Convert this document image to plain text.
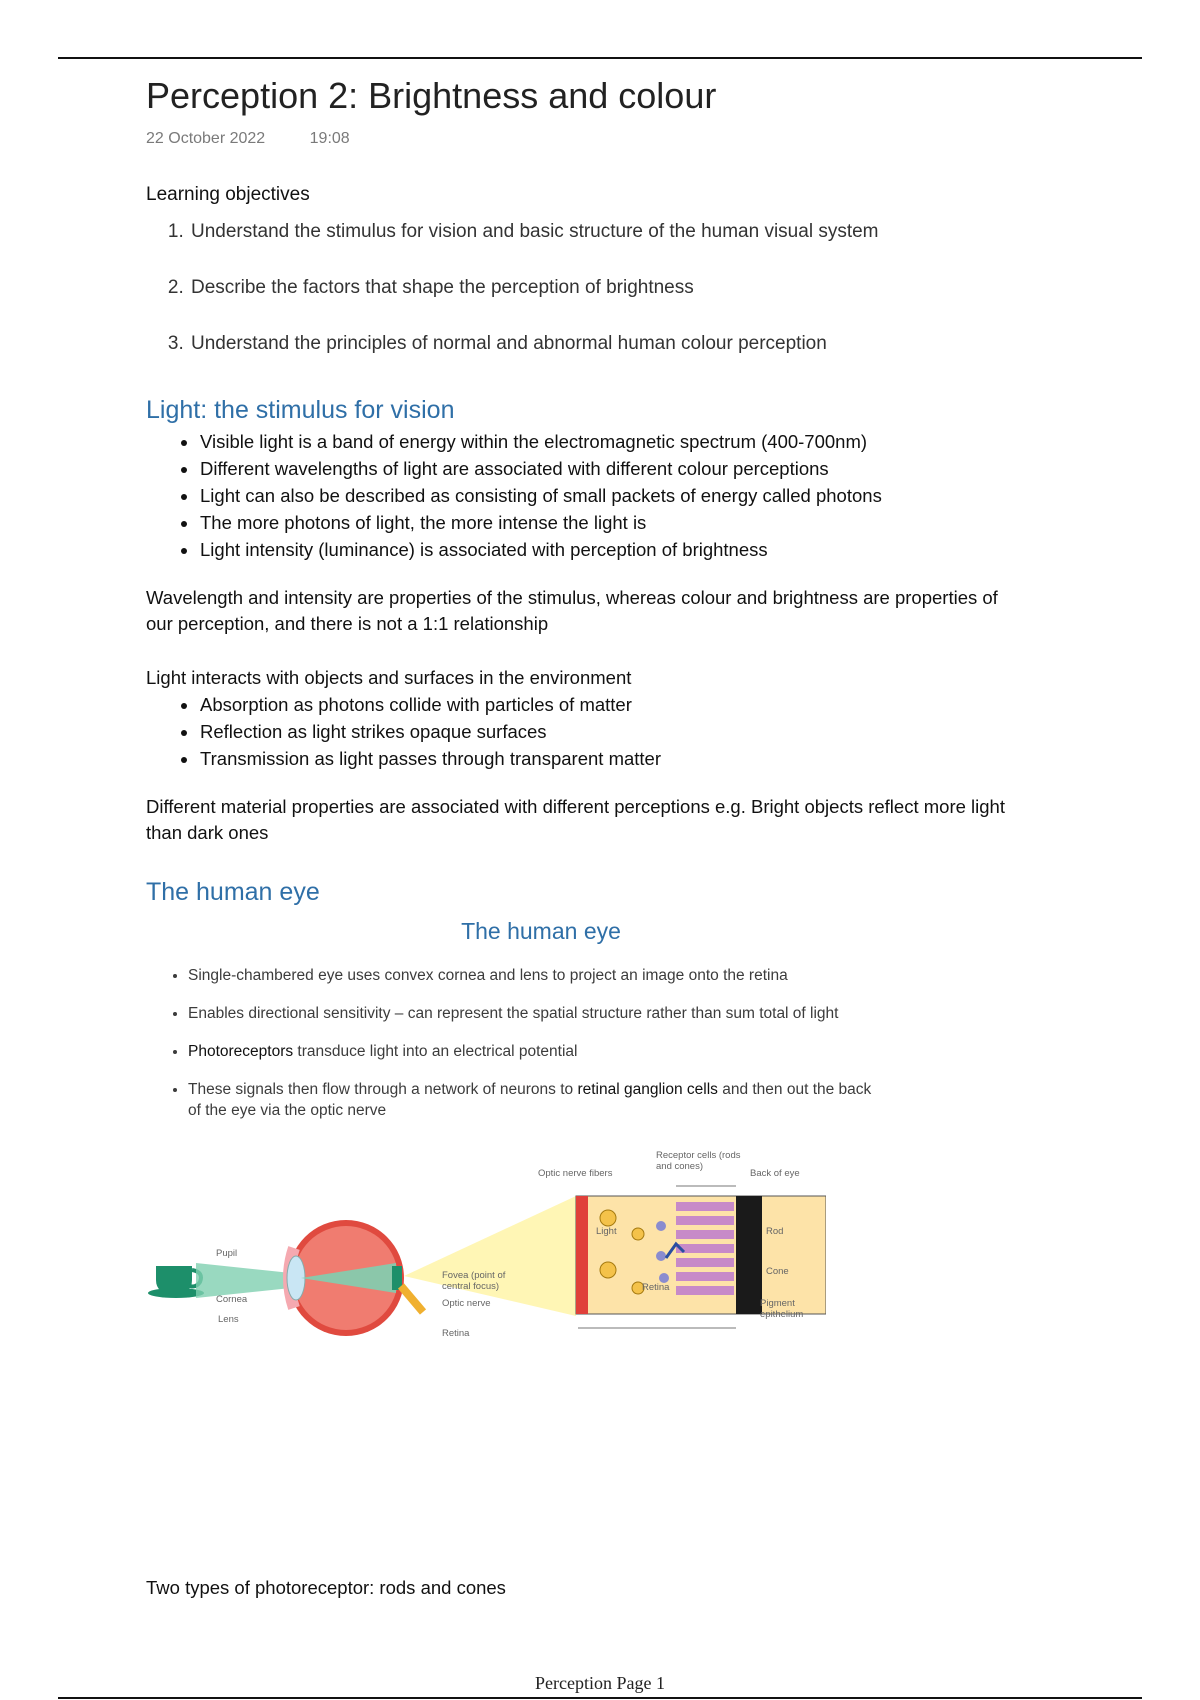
Perception 2: Brightness and colour
22 October 2022	19:08
Learning objectives
1. Understand the stimulus for vision and basic structure of the human visual system
2. Describe the factors that shape the perception of brightness
3. Understand the principles of normal and abnormal human colour perception
Light: the stimulus for vision
• Visible light is a band of energy within the electromagnetic spectrum (400-700nm)
• Different wavelengths of light are associated with different colour perceptions
• Light can also be described as consisting of small packets of energy called photons
• The more photons of light, the more intense the light is
• Light intensity (luminance) is associated with perception of brightness

Wavelength and intensity are properties of the stimulus, whereas colour and brightness are properties of our perception, and there is not a 1:1 relationship

Light interacts with objects and surfaces in the environment

• Absorption as photons collide with particles of matter
• Reflection as light strikes opaque surfaces
• Transmission as light passes through transparent matter

Different material properties are associated with different perceptions e.g. Bright objects reflect more light than dark ones

The human eye
The human eye
• Single-chambered eye uses convex cornea and lens to project an image onto the retina
• Enables directional sensitivity – can represent the spatial structure rather than sum total of light
• Photoreceptors transduce light into an electrical potential
• These signals then flow through a network of neurons to retinal ganglion cells and then out the back of the eye via the optic nerve
Pupil
Cornea
Lens
Fovea (point of central focus)
Optic nerve
Retina
Optic nerve fibers
Receptor cells (rods and cones)
Back of eye
Light	Rod
Cone
Retina
Pigment epithelium
Two types of photoreceptor: rods and cones
Perception Page 1
